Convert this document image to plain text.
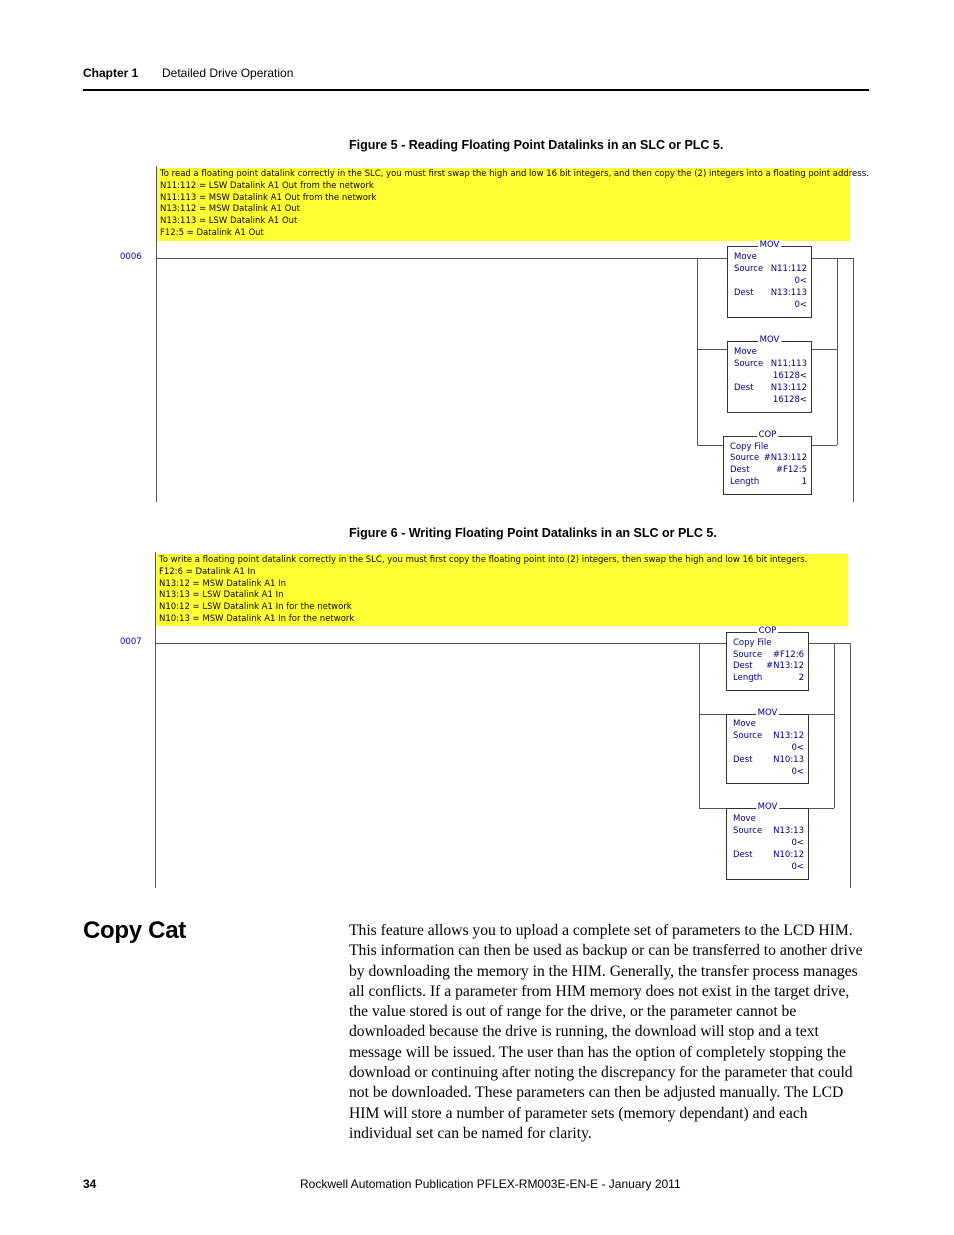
Chapter 1 Detailed Drive Operation
Figure 5 - Reading Floating Point Datalinks in an SLC or PLC 5.
To read a floating point datalink correctly in the SLC, you must first swap the high and low 16 bit integers, and then copy the (2) integers into a floating point address.
N11:112 = LSW Datalink A1 Out from the network
N11:113 = MSW Datalink A1 Out from the network
N13:112 = MSW Datalink A1 Out
N13:113 = LSW Datalink A1 Out
F12:5 = Datalink A1 Out
0006
MOV
Move
Source N11:112
0<
Dest N13:113
0<
MOV
Move
Source N11:113
16128<
Dest N13:112
16128<
COP
Copy File
Source #N13:112
Dest	#F12:5
Length	1
Figure 6 - Writing Floating Point Datalinks in an SLC or PLC 5.
To write a floating point datalink correctly in the SLC, you must first copy the floating point into (2) integers, then swap the high and low 16 bit integers.
F12:6 = Datalink A1 In
N13:12 = MSW Datalink A1 In
N13:13 = LSW Datalink A1 In
N10:12 = LSW Datalink A1 In for the network
N10:13 = MSW Datalink A1 In for the network
0007
COP
Copy File
Source #F12:6
Dest #N13:12
Length	2
MOV
Move
Source N13:12
0<
Dest N10:13
0<
MOV
Move
Source N13:13
0<
Dest N10:12
0<
Copy Cat	This feature allows you to upload a complete set of parameters to the LCD HIM. This information can then be used as backup or can be transferred to another drive by downloading the memory in the HIM. Generally, the transfer process manages all conflicts. If a parameter from HIM memory does not exist in the target drive, the value stored is out of range for the drive, or the parameter cannot be downloaded because the drive is running, the download will stop and a text message will be issued. The user than has the option of completely stopping the download or continuing after noting the discrepancy for the parameter that could not be downloaded. These parameters can then be adjusted manually. The LCD HIM will store a number of parameter sets (memory dependant) and each individual set can be named for clarity.
34	Rockwell Automation Publication PFLEX-RM003E-EN-E - January 2011
